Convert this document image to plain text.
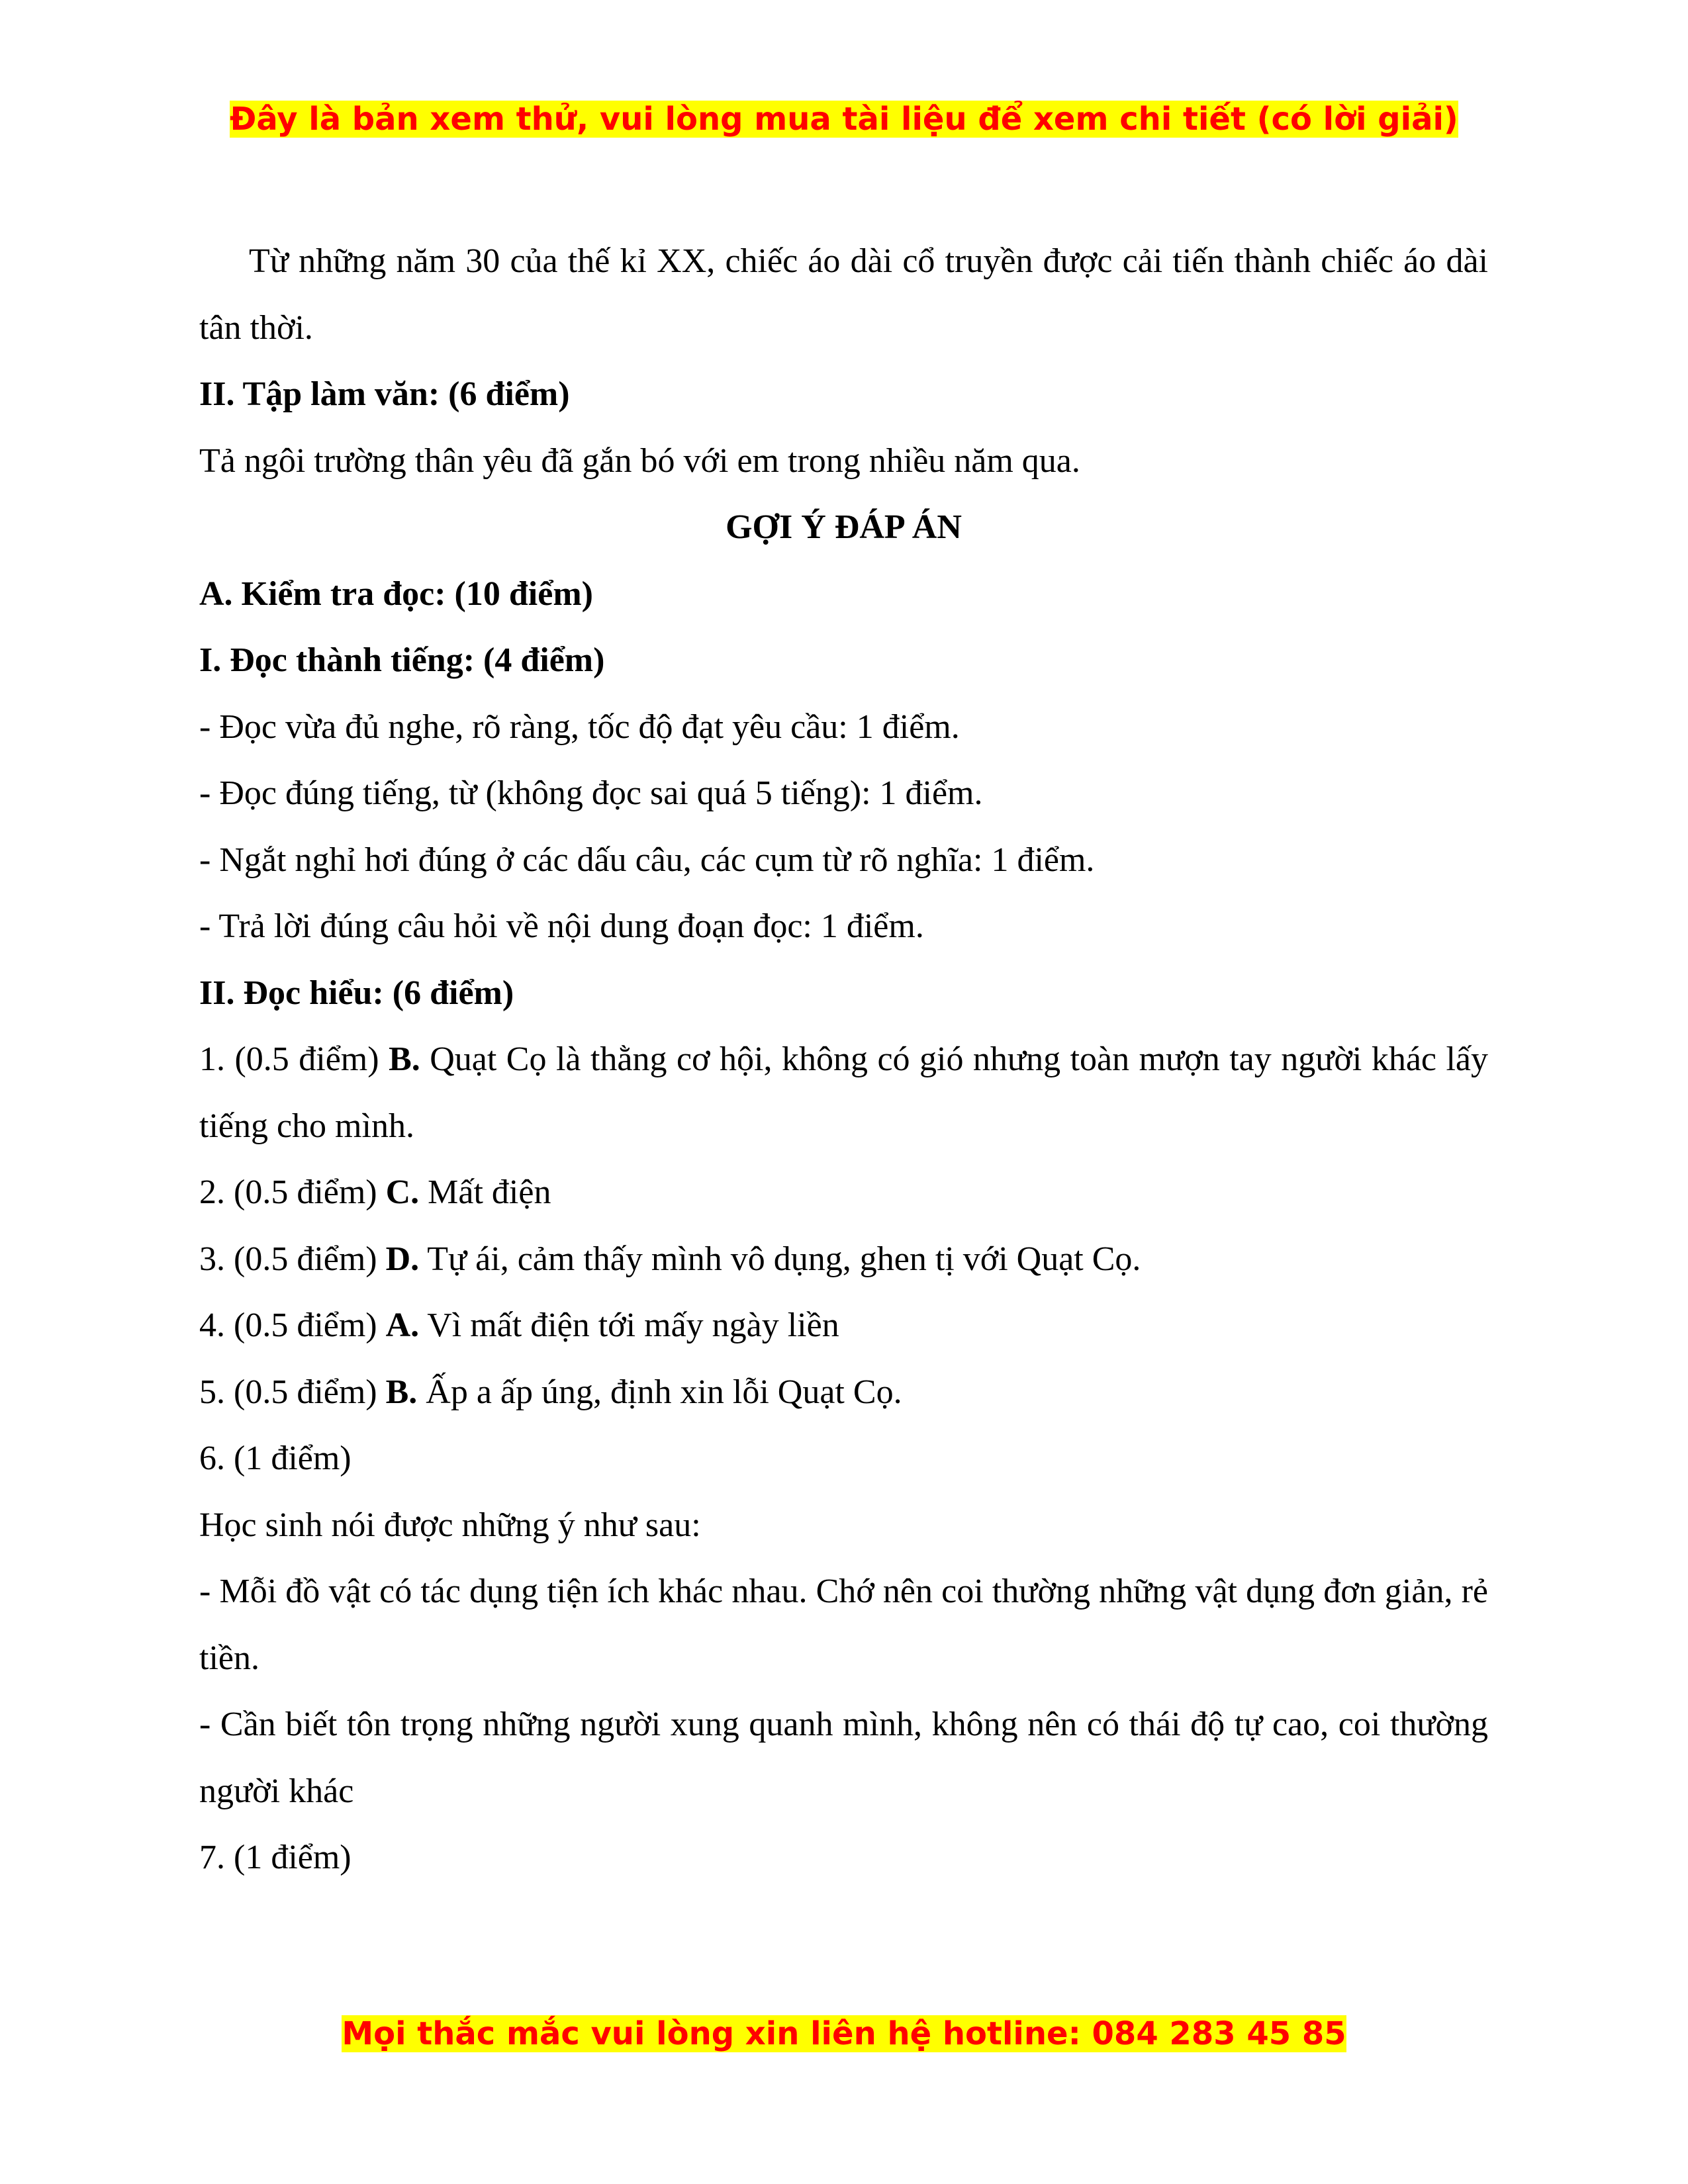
Đây là bản xem thử, vui lòng mua tài liệu để xem chi tiết (có lời giải)

Từ những năm 30 của thế kỉ XX, chiếc áo dài cổ truyền được cải tiến thành chiếc áo dài tân thời.

II. Tập làm văn: (6 điểm)

Tả ngôi trường thân yêu đã gắn bó với em trong nhiều năm qua.

GỢI Ý ĐÁP ÁN

A. Kiểm tra đọc: (10 điểm)

I. Đọc thành tiếng: (4 điểm)

- Đọc vừa đủ nghe, rõ ràng, tốc độ đạt yêu cầu: 1 điểm.

- Đọc đúng tiếng, từ (không đọc sai quá 5 tiếng): 1 điểm.

- Ngắt nghỉ hơi đúng ở các dấu câu, các cụm từ rõ nghĩa: 1 điểm.

- Trả lời đúng câu hỏi về nội dung đoạn đọc: 1 điểm.

II. Đọc hiểu: (6 điểm)

1. (0.5 điểm) B. Quạt Cọ là thằng cơ hội, không có gió nhưng toàn mượn tay người khác lấy tiếng cho mình.

2. (0.5 điểm) C. Mất điện

3. (0.5 điểm) D. Tự ái, cảm thấy mình vô dụng, ghen tị với Quạt Cọ.

4. (0.5 điểm) A. Vì mất điện tới mấy ngày liền

5. (0.5 điểm) B. Ấp a ấp úng, định xin lỗi Quạt Cọ.

6. (1 điểm)

Học sinh nói được những ý như sau:

- Mỗi đồ vật có tác dụng tiện ích khác nhau. Chớ nên coi thường những vật dụng đơn giản, rẻ tiền.

- Cần biết tôn trọng những người xung quanh mình, không nên có thái độ tự cao, coi thường người khác

7. (1 điểm)

Mọi thắc mắc vui lòng xin liên hệ hotline: 084 283 45 85
